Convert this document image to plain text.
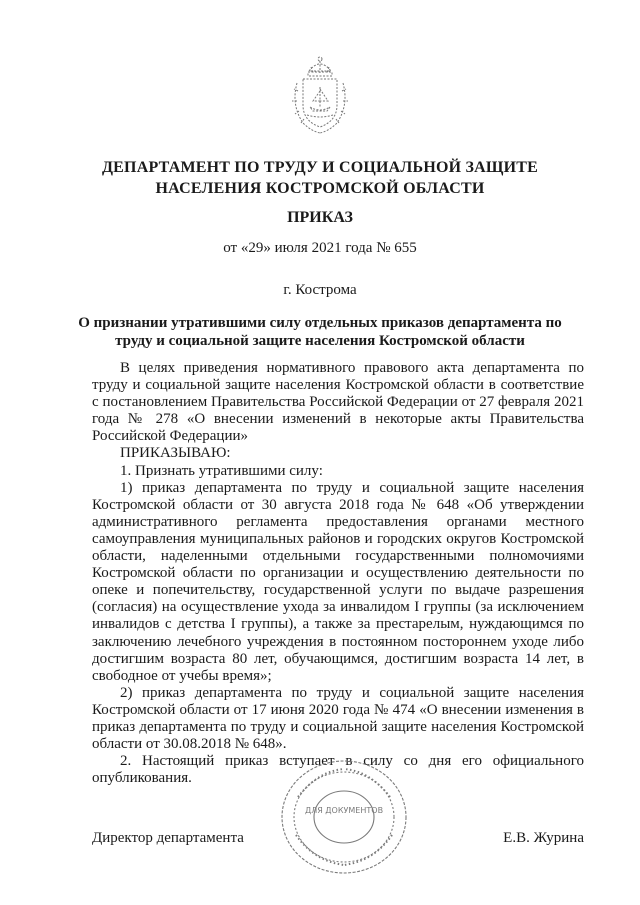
ДЕПАРТАМЕНТ ПО ТРУДУ И СОЦИАЛЬНОЙ ЗАЩИТЕ
НАСЕЛЕНИЯ КОСТРОМСКОЙ ОБЛАСТИ
ПРИКАЗ
от «29» июля 2021 года № 655
г. Кострома
О признании утратившими силу отдельных приказов департамента по
труду и социальной защите населения Костромской области

В целях приведения нормативного правового акта департамента по труду и социальной защите населения Костромской области в соответствие с постановлением Правительства Российской Федерации от 27 февраля 2021 года № 278 «О внесении изменений в некоторые акты Правительства Российской Федерации»

ПРИКАЗЫВАЮ:

1. Признать утратившими силу:

1) приказ департамента по труду и социальной защите населения Костромской области от 30 августа 2018 года № 648 «Об утверждении административного регламента предоставления органами местного самоуправления муниципальных районов и городских округов Костромской области, наделенными отдельными государственными полномочиями Костромской области по организации и осуществлению деятельности по опеке и попечительству, государственной услуги по выдаче разрешения (согласия) на осуществление ухода за инвалидом I группы (за исключением инвалидов с детства I группы), а также за престарелым, нуждающимся по заключению лечебного учреждения в постоянном постороннем уходе либо достигшим возраста 80 лет, обучающимся, достигшим возраста 14 лет, в свободное от учебы время»;

2) приказ департамента по труду и социальной защите населения Костромской области от 17 июня 2020 года № 474 «О внесении изменения в приказ департамента по труду и социальной защите населения Костромской области от 30.08.2018 № 648».

2. Настоящий приказ вступает в силу со дня его официального опубликования.

ДЛЯ ДОКУМЕНТОВ
Директор департамента	Е.В. Журина
